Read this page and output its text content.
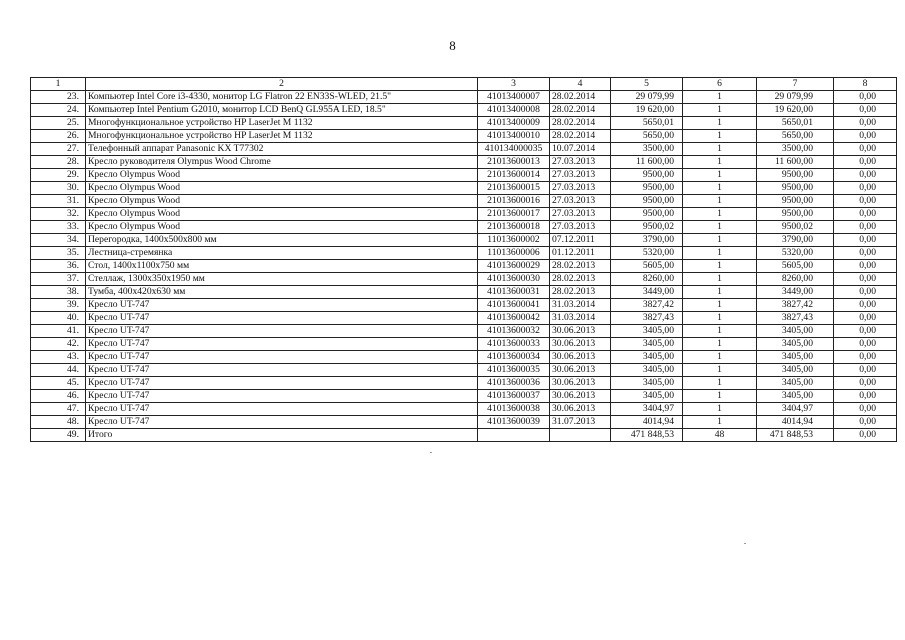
8
1	2	3	4	5	6	7	8
23.	Компьютер Intel Core i3-4330, монитор LG Flatron 22 EN33S-WLED, 21.5"	41013400007	28.02.2014	29 079,99	1	29 079,99	0,00
24.	Компьютер Intel Pentium G2010, монитор LCD BenQ GL955A LED, 18.5"	41013400008	28.02.2014	19 620,00	1	19 620,00	0,00
25.	Многофункциональное устройство HP LaserJet M 1132	41013400009	28.02.2014	5650,01	1	5650,01	0,00
26.	Многофункциональное устройство HP LaserJet M 1132	41013400010	28.02.2014	5650,00	1	5650,00	0,00
27.	Телефонный аппарат Panasonic KX T77302	410134000035	10.07.2014	3500,00	1	3500,00	0,00
28.	Кресло руководителя Olympus Wood Chrome	21013600013	27.03.2013	11 600,00	1	11 600,00	0,00
29.	Кресло Olympus Wood	21013600014	27.03.2013	9500,00	1	9500,00	0,00
30.	Кресло Olympus Wood	21013600015	27.03.2013	9500,00	1	9500,00	0,00
31.	Кресло Olympus Wood	21013600016	27.03.2013	9500,00	1	9500,00	0,00
32.	Кресло Olympus Wood	21013600017	27.03.2013	9500,00	1	9500,00	0,00
33.	Кресло Olympus Wood	21013600018	27.03.2013	9500,02	1	9500,02	0,00
34.	Перегородка, 1400x500x800 мм	11013600002	07.12.2011	3790,00	1	3790,00	0,00
35.	Лестница-стремянка	11013600006	01.12.2011	5320,00	1	5320,00	0,00
36.	Стол, 1400x1100x750 мм	41013600029	28.02.2013	5605,00	1	5605,00	0,00
37.	Стеллаж, 1300x350x1950 мм	41013600030	28.02.2013	8260,00	1	8260,00	0,00
38.	Тумба, 400x420x630 мм	41013600031	28.02.2013	3449,00	1	3449,00	0,00
39.	Кресло UT-747	41013600041	31.03.2014	3827,42	1	3827,42	0,00
40.	Кресло UT-747	41013600042	31.03.2014	3827,43	1	3827,43	0,00
41.	Кресло UT-747	41013600032	30.06.2013	3405,00	1	3405,00	0,00
42.	Кресло UT-747	41013600033	30.06.2013	3405,00	1	3405,00	0,00
43.	Кресло UT-747	41013600034	30.06.2013	3405,00	1	3405,00	0,00
44.	Кресло UT-747	41013600035	30.06.2013	3405,00	1	3405,00	0,00
45.	Кресло UT-747	41013600036	30.06.2013	3405,00	1	3405,00	0,00
46.	Кресло UT-747	41013600037	30.06.2013	3405,00	1	3405,00	0,00
47.	Кресло UT-747	41013600038	30.06.2013	3404,97	1	3404,97	0,00
48.	Кресло UT-747	41013600039	31.07.2013	4014,94	1	4014,94	0,00
49.	Итого			471 848,53	48	471 848,53	0,00
